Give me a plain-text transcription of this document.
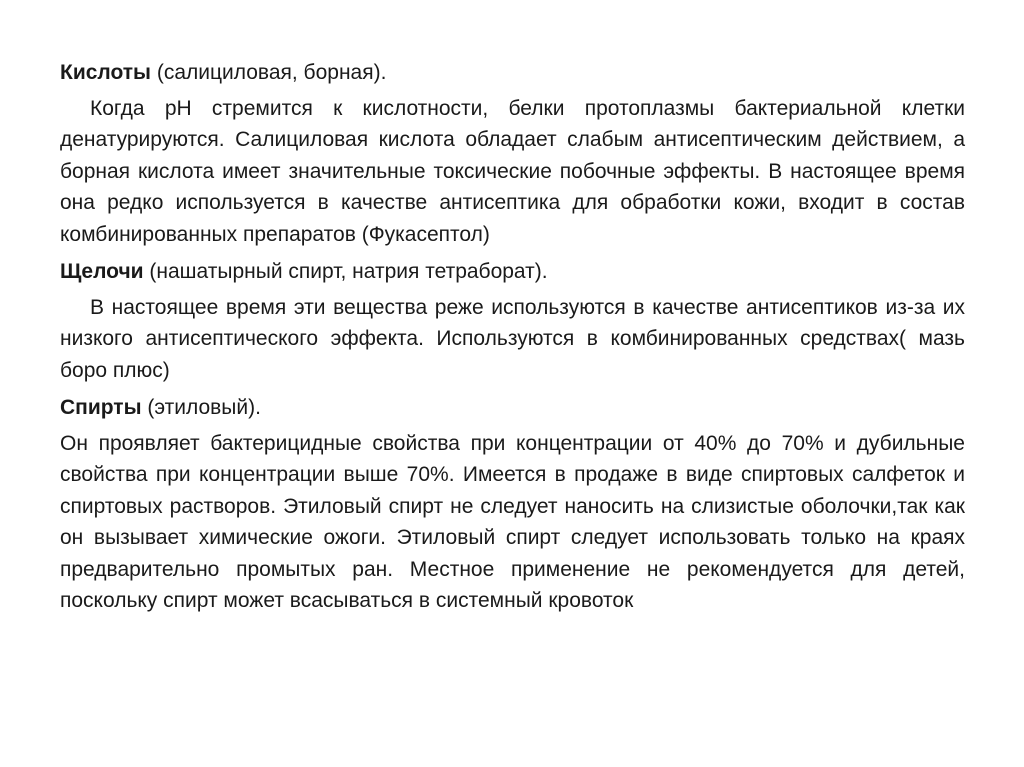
Кислоты (салициловая, борная).

Когда pH стремится к кислотности, белки протоплазмы бактериальной клетки денатурируются. Салициловая кислота обладает слабым антисептическим действием, а борная кислота имеет значительные токсические побочные эффекты. В настоящее время она редко используется в качестве антисептика для обработки кожи, входит в состав комбинированных препаратов (Фукасептол)

Щелочи (нашатырный спирт, натрия тетраборат).

В настоящее время эти вещества реже используются в качестве антисептиков из-за их низкого антисептического эффекта. Используются в комбинированных средствах( мазь боро плюс)

Спирты (этиловый).

Он проявляет бактерицидные свойства при концентрации от 40% до 70% и дубильные свойства при концентрации выше 70%. Имеется в продаже в виде спиртовых салфеток и спиртовых растворов. Этиловый спирт не следует наносить на слизистые оболочки,так как он вызывает химические ожоги. Этиловый спирт следует использовать только на краях предварительно промытых ран. Местное применение не рекомендуется для детей, поскольку спирт может всасываться в системный кровоток
